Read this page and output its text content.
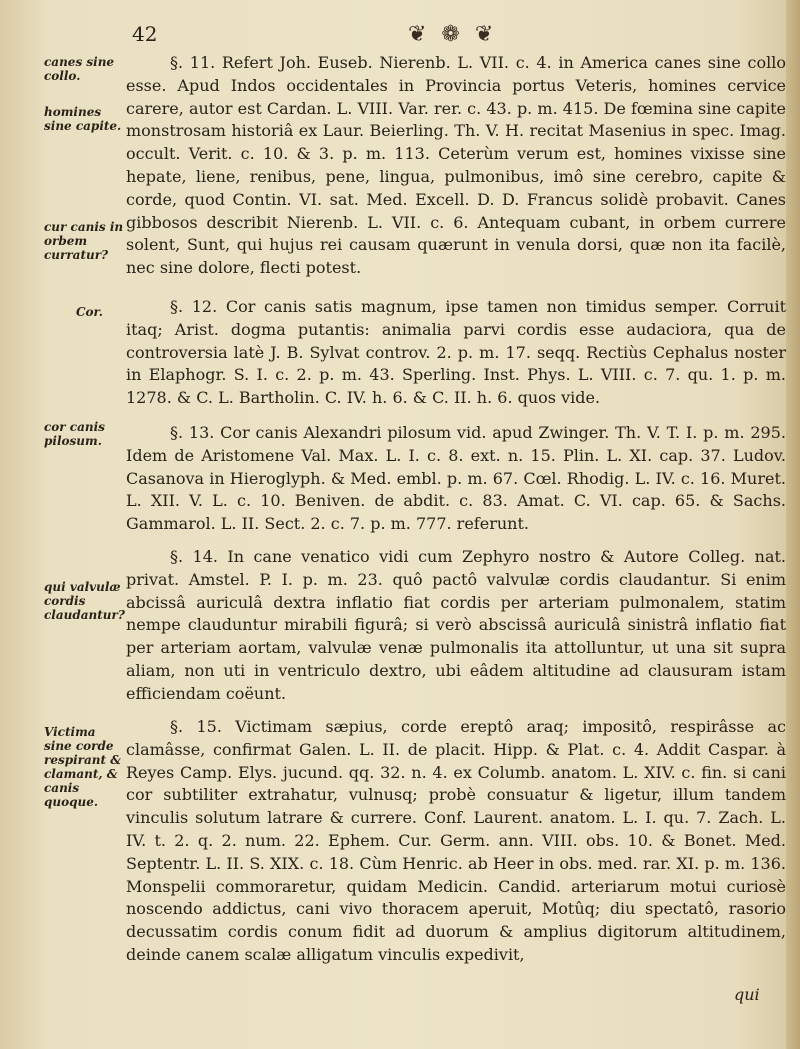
42	❦ ❁ ❦
canes sine collo.
homines sine capite.
cur canis in orbem curratur?
Cor.
cor canis pilosum.
qui valvulæ cordis claudantur?
Victima sine corde respirant & clamant, & canis quoque.
§. 11. Refert Joh. Euseb. Nierenb. L. VII. c. 4. in America canes sine collo esse. Apud Indos occidentales in Provincia portus Veteris, homines cervice carere, autor est Cardan. L. VIII. Var. rer. c. 43. p. m. 415. De fœmina sine capite monstrosam historiâ ex Laur. Beierling. Th. V. H. recitat Masenius in spec. Imag. occult. Verit. c. 10. & 3. p. m. 113. Ceterùm verum est, homines vixisse sine hepate, liene, renibus, pene, lingua, pulmonibus, imô sine cerebro, capite & corde, quod Contin. VI. sat. Med. Excell. D. D. Francus solidè probavit. Canes gibbosos describit Nierenb. L. VII. c. 6. Antequam cubant, in orbem currere solent, Sunt, qui hujus rei causam quærunt in venula dorsi, quæ non ita facilè, nec sine dolore, flecti potest.
§. 12. Cor canis satis magnum, ipse tamen non timidus semper. Corruit itaq; Arist. dogma putantis: animalia parvi cordis esse audaciora, qua de controversia latè J. B. Sylvat controv. 2. p. m. 17. seqq. Rectiùs Cephalus noster in Elaphogr. S. I. c. 2. p. m. 43. Sperling. Inst. Phys. L. VIII. c. 7. qu. 1. p. m. 1278. & C. L. Bartholin. C. IV. h. 6. & C. II. h. 6. quos vide.
§. 13. Cor canis Alexandri pilosum vid. apud Zwinger. Th. V. T. I. p. m. 295. Idem de Aristomene Val. Max. L. I. c. 8. ext. n. 15. Plin. L. XI. cap. 37. Ludov. Casanova in Hieroglyph. & Med. embl. p. m. 67. Cœl. Rhodig. L. IV. c. 16. Muret. L. XII. V. L. c. 10. Beniven. de abdit. c. 83. Amat. C. VI. cap. 65. & Sachs. Gammarol. L. II. Sect. 2. c. 7. p. m. 777. referunt.
§. 14. In cane venatico vidi cum Zephyro nostro & Autore Colleg. nat. privat. Amstel. P. I. p. m. 23. quô pactô valvulæ cordis claudantur. Si enim abcissâ auriculâ dextra inflatio fiat cordis per arteriam pulmonalem, statim nempe clauduntur mirabili figurâ; si verò abscissâ auriculâ sinistrâ inflatio fiat per arteriam aortam, valvulæ venæ pulmonalis ita attolluntur, ut una sit supra aliam, non uti in ventriculo dextro, ubi eâdem altitudine ad clausuram istam efficiendam coëunt.
§. 15. Victimam sæpius, corde ereptô araq; impositô, respirâsse ac clamâsse, confirmat Galen. L. II. de placit. Hipp. & Plat. c. 4. Addit Caspar. à Reyes Camp. Elys. jucund. qq. 32. n. 4. ex Columb. anatom. L. XIV. c. fin. si cani cor subtiliter extrahatur, vulnusq; probè consuatur & ligetur, illum tandem vinculis solutum latrare & currere. Conf. Laurent. anatom. L. I. qu. 7. Zach. L. IV. t. 2. q. 2. num. 22. Ephem. Cur. Germ. ann. VIII. obs. 10. & Bonet. Med. Septentr. L. II. S. XIX. c. 18. Cùm Henric. ab Heer in obs. med. rar. XI. p. m. 136. Monspelii commoraretur, quidam Medicin. Candid. arteriarum motui curiosè noscendo addictus, cani vivo thoracem aperuit, Motûq; diu spectatô, rasorio decussatim cordis conum fidit ad duorum & amplius digitorum altitudinem, deinde canem scalæ alligatum vinculis expedivit,
qui
